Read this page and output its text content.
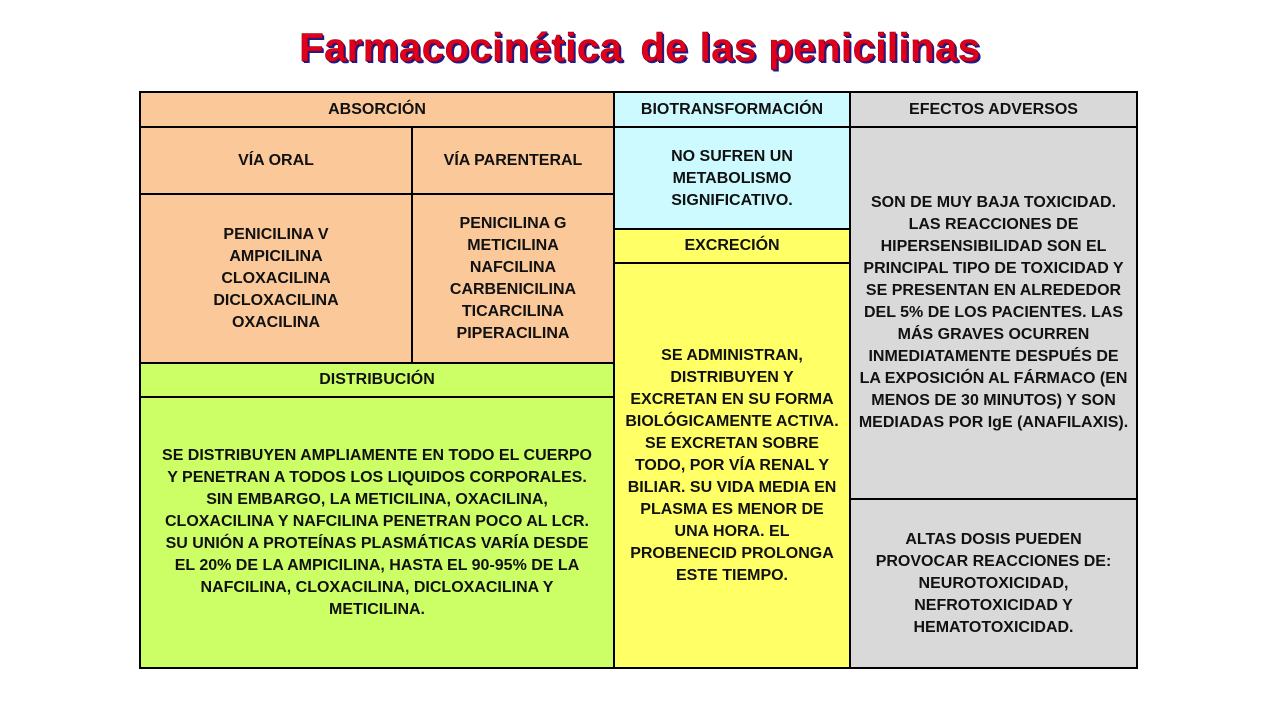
Farmacocinética de las penicilinas
ABSORCIÓN
VÍA ORAL	VÍA PARENTERAL
PENICILINA V
AMPICILINA
CLOXACILINA
DICLOXACILINA
OXACILINA
PENICILINA G
METICILINA
NAFCILINA
CARBENICILINA
TICARCILINA
PIPERACILINA
DISTRIBUCIÓN
SE DISTRIBUYEN AMPLIAMENTE EN TODO EL CUERPO Y PENETRAN A TODOS LOS LIQUIDOS CORPORALES. SIN EMBARGO, LA METICILINA, OXACILINA, CLOXACILINA Y NAFCILINA PENETRAN POCO AL LCR. SU UNIÓN A PROTEÍNAS PLASMÁTICAS VARÍA DESDE EL 20% DE LA AMPICILINA, HASTA EL 90-95% DE LA NAFCILINA, CLOXACILINA, DICLOXACILINA Y METICILINA.
BIOTRANSFORMACIÓN
NO SUFREN UN METABOLISMO SIGNIFICATIVO.
EXCRECIÓN
SE ADMINISTRAN, DISTRIBUYEN Y EXCRETAN EN SU FORMA BIOLÓGICAMENTE ACTIVA. SE EXCRETAN SOBRE TODO, POR VÍA RENAL Y BILIAR. SU VIDA MEDIA EN PLASMA ES MENOR DE UNA HORA. EL PROBENECID PROLONGA ESTE TIEMPO.
EFECTOS ADVERSOS
SON DE MUY BAJA TOXICIDAD. LAS REACCIONES DE HIPERSENSIBILIDAD SON EL PRINCIPAL TIPO DE TOXICIDAD Y SE PRESENTAN EN ALREDEDOR DEL 5% DE LOS PACIENTES. LAS MÁS GRAVES OCURREN INMEDIATAMENTE DESPUÉS DE LA EXPOSICIÓN AL FÁRMACO (EN MENOS DE 30 MINUTOS) Y SON MEDIADAS POR IgE (ANAFILAXIS).
ALTAS DOSIS PUEDEN PROVOCAR REACCIONES DE: NEUROTOXICIDAD, NEFROTOXICIDAD Y HEMATOTOXICIDAD.
